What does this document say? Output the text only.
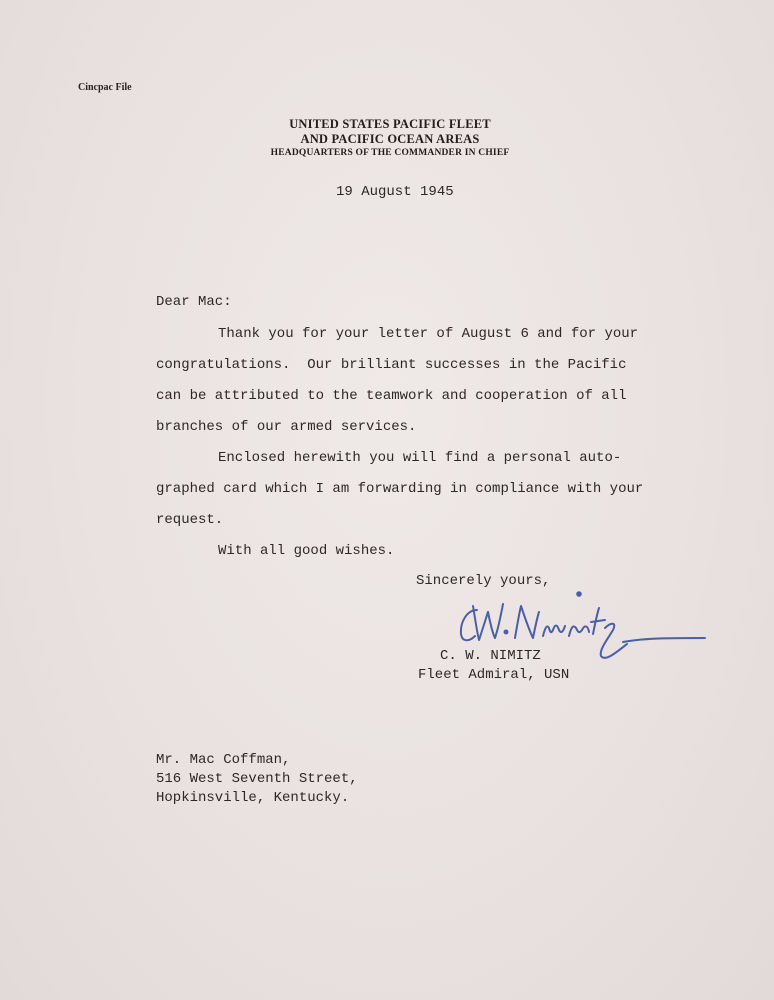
Cincpac File
UNITED STATES PACIFIC FLEET
AND PACIFIC OCEAN AREAS
HEADQUARTERS OF THE COMMANDER IN CHIEF
19 August 1945
Dear Mac:
Thank you for your letter of August 6 and for your
congratulations.  Our brilliant successes in the Pacific
can be attributed to the teamwork and cooperation of all
branches of our armed services.
Enclosed herewith you will find a personal auto-
graphed card which I am forwarding in compliance with your
request.
With all good wishes.
Sincerely yours,
C. W. NIMITZ
Fleet Admiral, USN
Mr. Mac Coffman,
516 West Seventh Street,
Hopkinsville, Kentucky.
